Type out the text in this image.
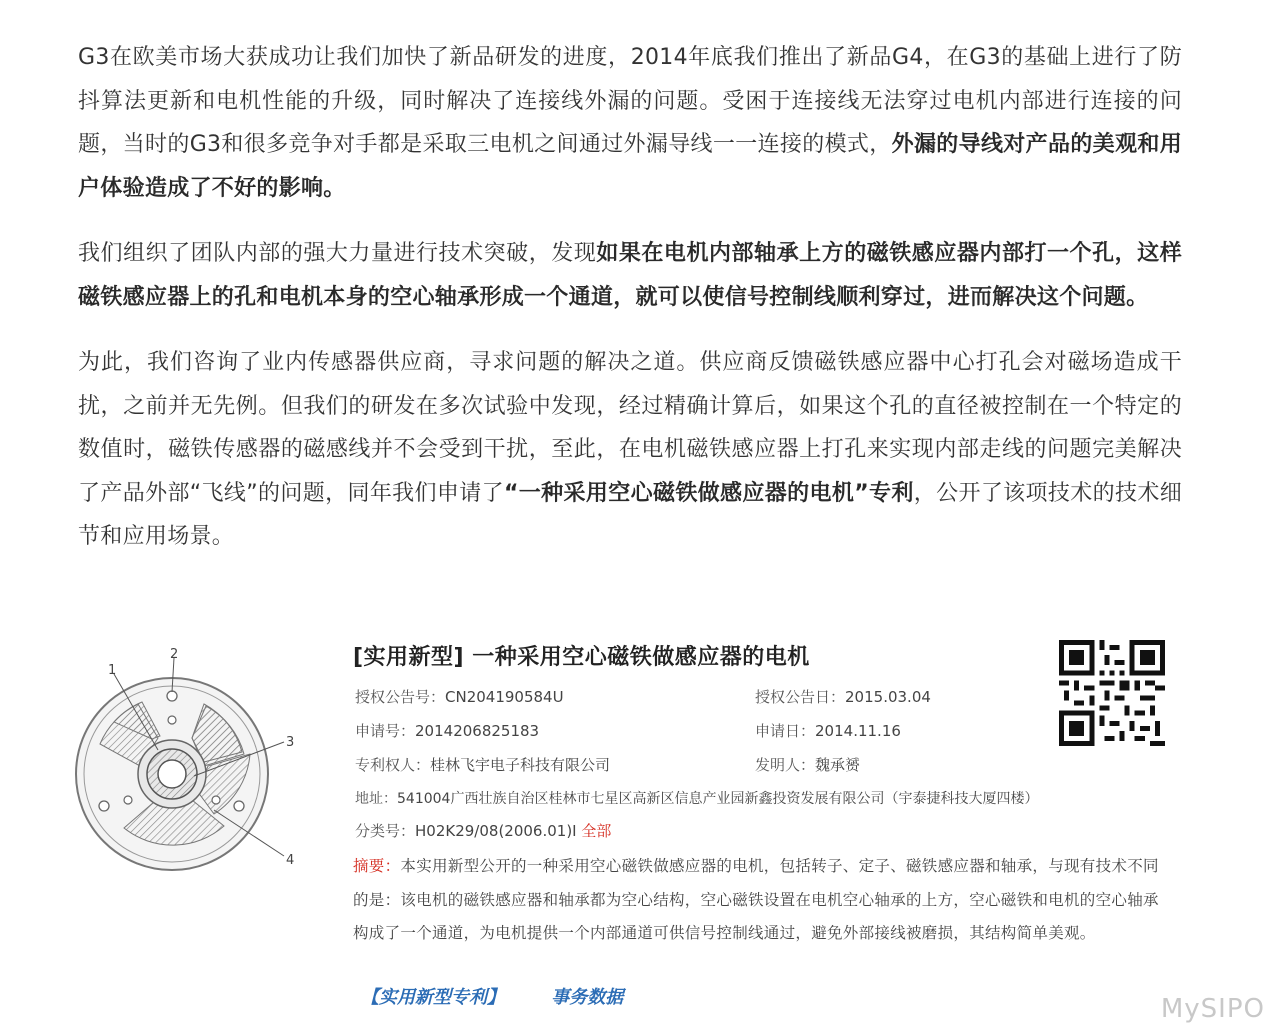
G3在欧美市场大获成功让我们加快了新品研发的进度，2014年底我们推出了新品G4，在G3的基础上进行了防抖算法更新和电机性能的升级，同时解决了连接线外漏的问题。受困于连接线无法穿过电机内部进行连接的问题，当时的G3和很多竞争对手都是采取三电机之间通过外漏导线一一连接的模式，外漏的导线对产品的美观和用户体验造成了不好的影响。

我们组织了团队内部的强大力量进行技术突破，发现如果在电机内部轴承上方的磁铁感应器内部打一个孔，这样磁铁感应器上的孔和电机本身的空心轴承形成一个通道，就可以使信号控制线顺利穿过，进而解决这个问题。

为此，我们咨询了业内传感器供应商，寻求问题的解决之道。供应商反馈磁铁感应器中心打孔会对磁场造成干扰，之前并无先例。但我们的研发在多次试验中发现，经过精确计算后，如果这个孔的直径被控制在一个特定的数值时，磁铁传感器的磁感线并不会受到干扰，至此，在电机磁铁感应器上打孔来实现内部走线的问题完美解决了产品外部“飞线”的问题，同年我们申请了“一种采用空心磁铁做感应器的电机”专利，公开了该项技术的技术细节和应用场景。

1
2
3
4
[实用新型] 一种采用空心磁铁做感应器的电机
授权公告号：CN204190584U	授权公告日：2015.03.04
申请号：2014206825183	申请日：2014.11.16
专利权人：桂林飞宇电子科技有限公司	发明人：魏承赟
地址：541004广西壮族自治区桂林市七星区高新区信息产业园新鑫投资发展有限公司（宇泰捷科技大厦四楼）
分类号：H02K29/08(2006.01)I 全部
摘要：本实用新型公开的一种采用空心磁铁做感应器的电机，包括转子、定子、磁铁感应器和轴承，与现有技术不同的是：该电机的磁铁感应器和轴承都为空心结构，空心磁铁设置在电机空心轴承的上方，空心磁铁和电机的空心轴承构成了一个通道，为电机提供一个内部通道可供信号控制线通过，避免外部接线被磨损，其结构简单美观。
【实用新型专利】	事务数据	MySIPO
